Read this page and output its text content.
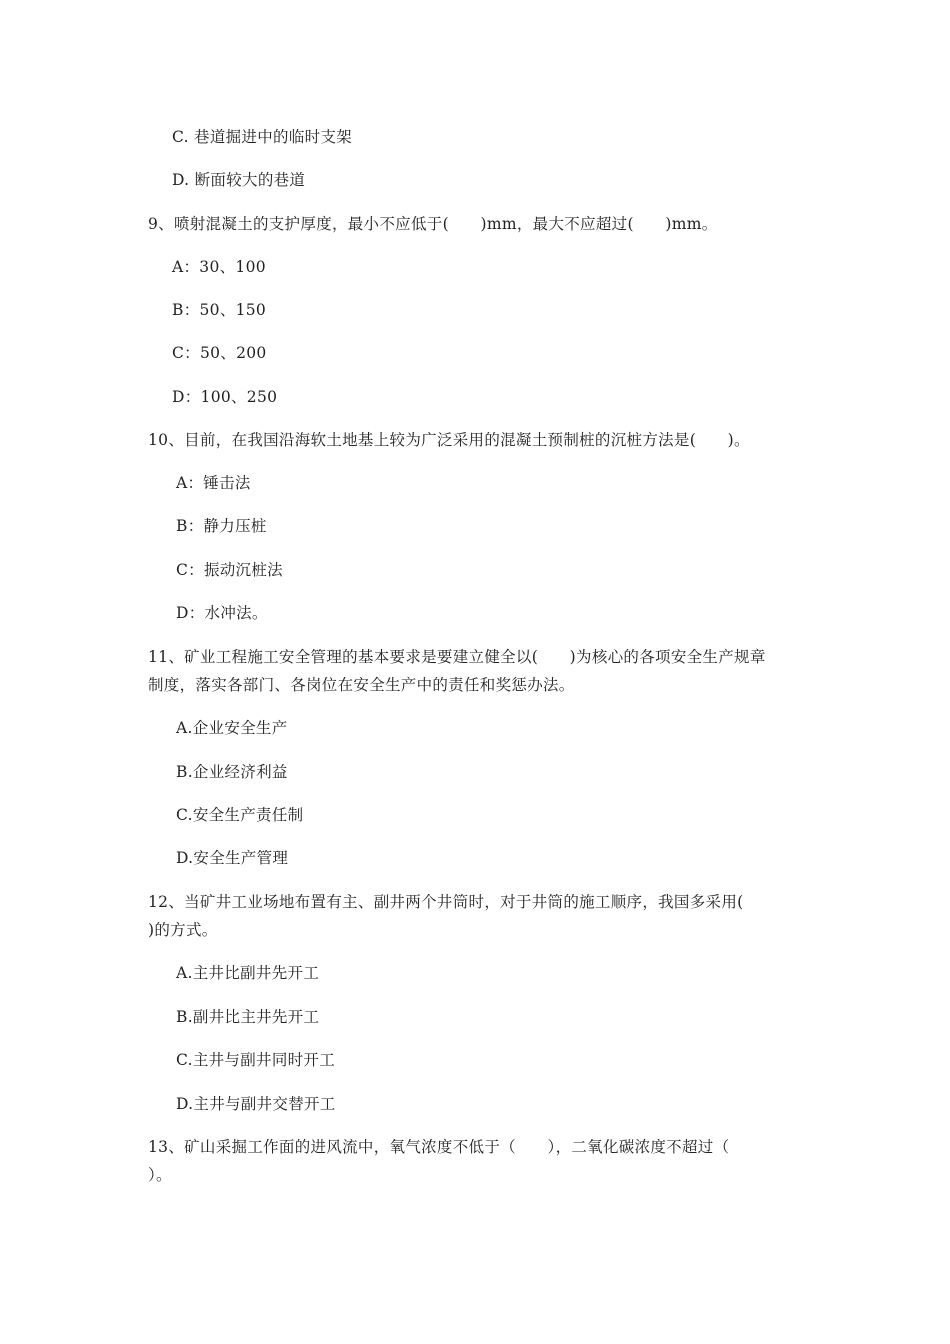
C. 巷道掘进中的临时支架
D. 断面较大的巷道
9、喷射混凝土的支护厚度，最小不应低于(　　)mm，最大不应超过(　　)mm。
A：30、100
B：50、150
C：50、200
D：100、250
10、目前，在我国沿海软土地基上较为广泛采用的混凝土预制桩的沉桩方法是(　　)。
A：锤击法
B：静力压桩
C：振动沉桩法
D：水冲法。
11、矿业工程施工安全管理的基本要求是要建立健全以(　　)为核心的各项安全生产规章
制度，落实各部门、各岗位在安全生产中的责任和奖惩办法。
A.企业安全生产
B.企业经济利益
C.安全生产责任制
D.安全生产管理
12、当矿井工业场地布置有主、副井两个井筒时，对于井筒的施工顺序，我国多采用(
)的方式。
A.主井比副井先开工
B.副井比主井先开工
C.主井与副井同时开工
D.主井与副井交替开工
13、矿山采掘工作面的进风流中，氧气浓度不低于（　　），二氧化碳浓度不超过（
）。
